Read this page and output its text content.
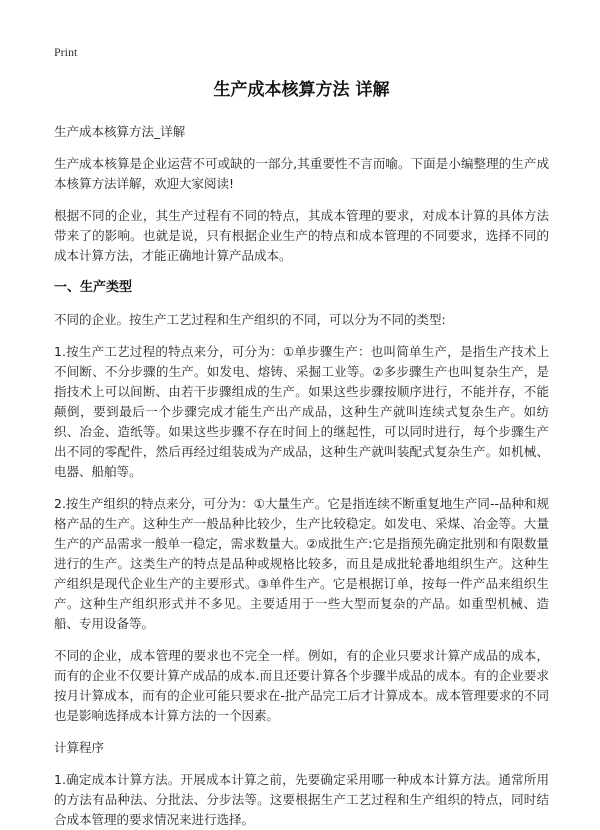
Print
生产成本核算方法 详解
生产成本核算方法_详解
生产成本核算是企业运营不可或缺的一部分,其重要性不言而喻。下面是小编整理的生产成本核算方法详解，欢迎大家阅读!
根据不同的企业，其生产过程有不同的特点，其成本管理的要求，对成本计算的具体方法带来了的影响。也就是说，只有根据企业生产的特点和成本管理的不同要求，选择不同的成本计算方法，才能正确地计算产品成本。
一、生产类型
不同的企业。按生产工艺过程和生产组织的不同，可以分为不同的类型:
1.按生产工艺过程的特点来分，可分为：①单步骤生产：也叫简单生产，是指生产技术上不间断、不分步骤的生产。如发电、熔铸、采掘工业等。②多步骤生产也叫复杂生产，是指技术上可以间断、由若干步骤组成的生产。如果这些步骤按顺序进行，不能并存，不能颠倒，要到最后一个步骤完成才能生产出产成品，这种生产就叫连续式复杂生产。如纺织、冶金、造纸等。如果这些步骤不存在时间上的继起性，可以同时进行，每个步骤生产出不同的零配件，然后再经过组装成为产成品，这种生产就叫装配式复杂生产。如机械、电器、船舶等。
2.按生产组织的特点来分，可分为：①大量生产。它是指连续不断重复地生产同--品种和规格产品的生产。这种生产一般品种比较少，生产比较稳定。如发电、采煤、冶金等。大量生产的产品需求一般单一稳定，需求数量大。②成批生产:它是指预先确定批别和有限数量进行的生产。这类生产的特点是品种或规格比较多，而且是成批轮番地组织生产。这种生产组织是现代企业生产的主要形式。③单件生产。它是根据订单，按每一件产品来组织生产。这种生产组织形式并不多见。主要适用于一些大型而复杂的产品。如重型机械、造船、专用设备等。
不同的企业，成本管理的要求也不完全一样。例如，有的企业只要求计算产成品的成本，而有的企业不仅要计算产成品的成本.而且还要计算各个步骤半成品的成本。有的企业要求按月计算成本，而有的企业可能只要求在-批产品完工后才计算成本。成本管理要求的不同也是影响选择成本计算方法的一个因素。
计算程序
1.确定成本计算方法。开展成本计算之前，先要确定采用哪一种成本计算方法。通常所用的方法有品种法、分批法、分步法等。这要根据生产工艺过程和生产组织的特点，同时结合成本管理的要求情况来进行选择。
